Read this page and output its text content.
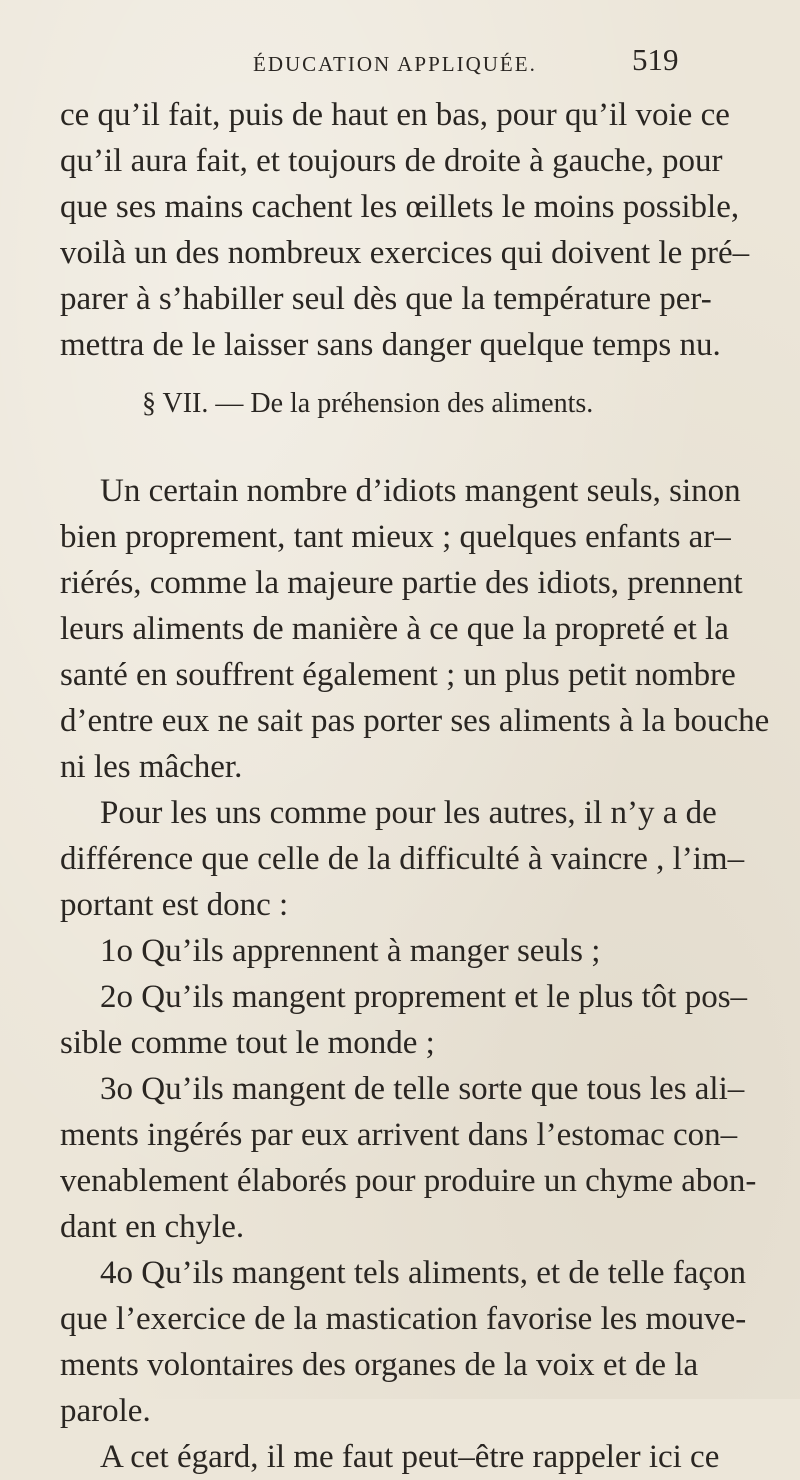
ÉDUCATION APPLIQUÉE.	519
ce qu’il fait, puis de haut en bas, pour qu’il voie ce
qu’il aura fait, et toujours de droite à gauche, pour
que ses mains cachent les œillets le moins possible,
voilà un des nombreux exercices qui doivent le pré–
parer à s’habiller seul dès que la température per-
mettra de le laisser sans danger quelque temps nu.
§ VII. — De la préhension des aliments.
Un certain nombre d’idiots mangent seuls, sinon
bien proprement, tant mieux ; quelques enfants ar–
riérés, comme la majeure partie des idiots, prennent
leurs aliments de manière à ce que la propreté et la
santé en souffrent également ; un plus petit nombre
d’entre eux ne sait pas porter ses aliments à la bouche
ni les mâcher.
Pour les uns comme pour les autres, il n’y a de
différence que celle de la difficulté à vaincre , l’im–
portant est donc :
1o Qu’ils apprennent à manger seuls ;
2o Qu’ils mangent proprement et le plus tôt pos–
sible comme tout le monde ;
3o Qu’ils mangent de telle sorte que tous les ali–
ments ingérés par eux arrivent dans l’estomac con–
venablement élaborés pour produire un chyme abon-
dant en chyle.
4o Qu’ils mangent tels aliments, et de telle façon
que l’exercice de la mastication favorise les mouve-
ments volontaires des organes de la voix et de la
parole.
A cet égard, il me faut peut–être rappeler ici ce
